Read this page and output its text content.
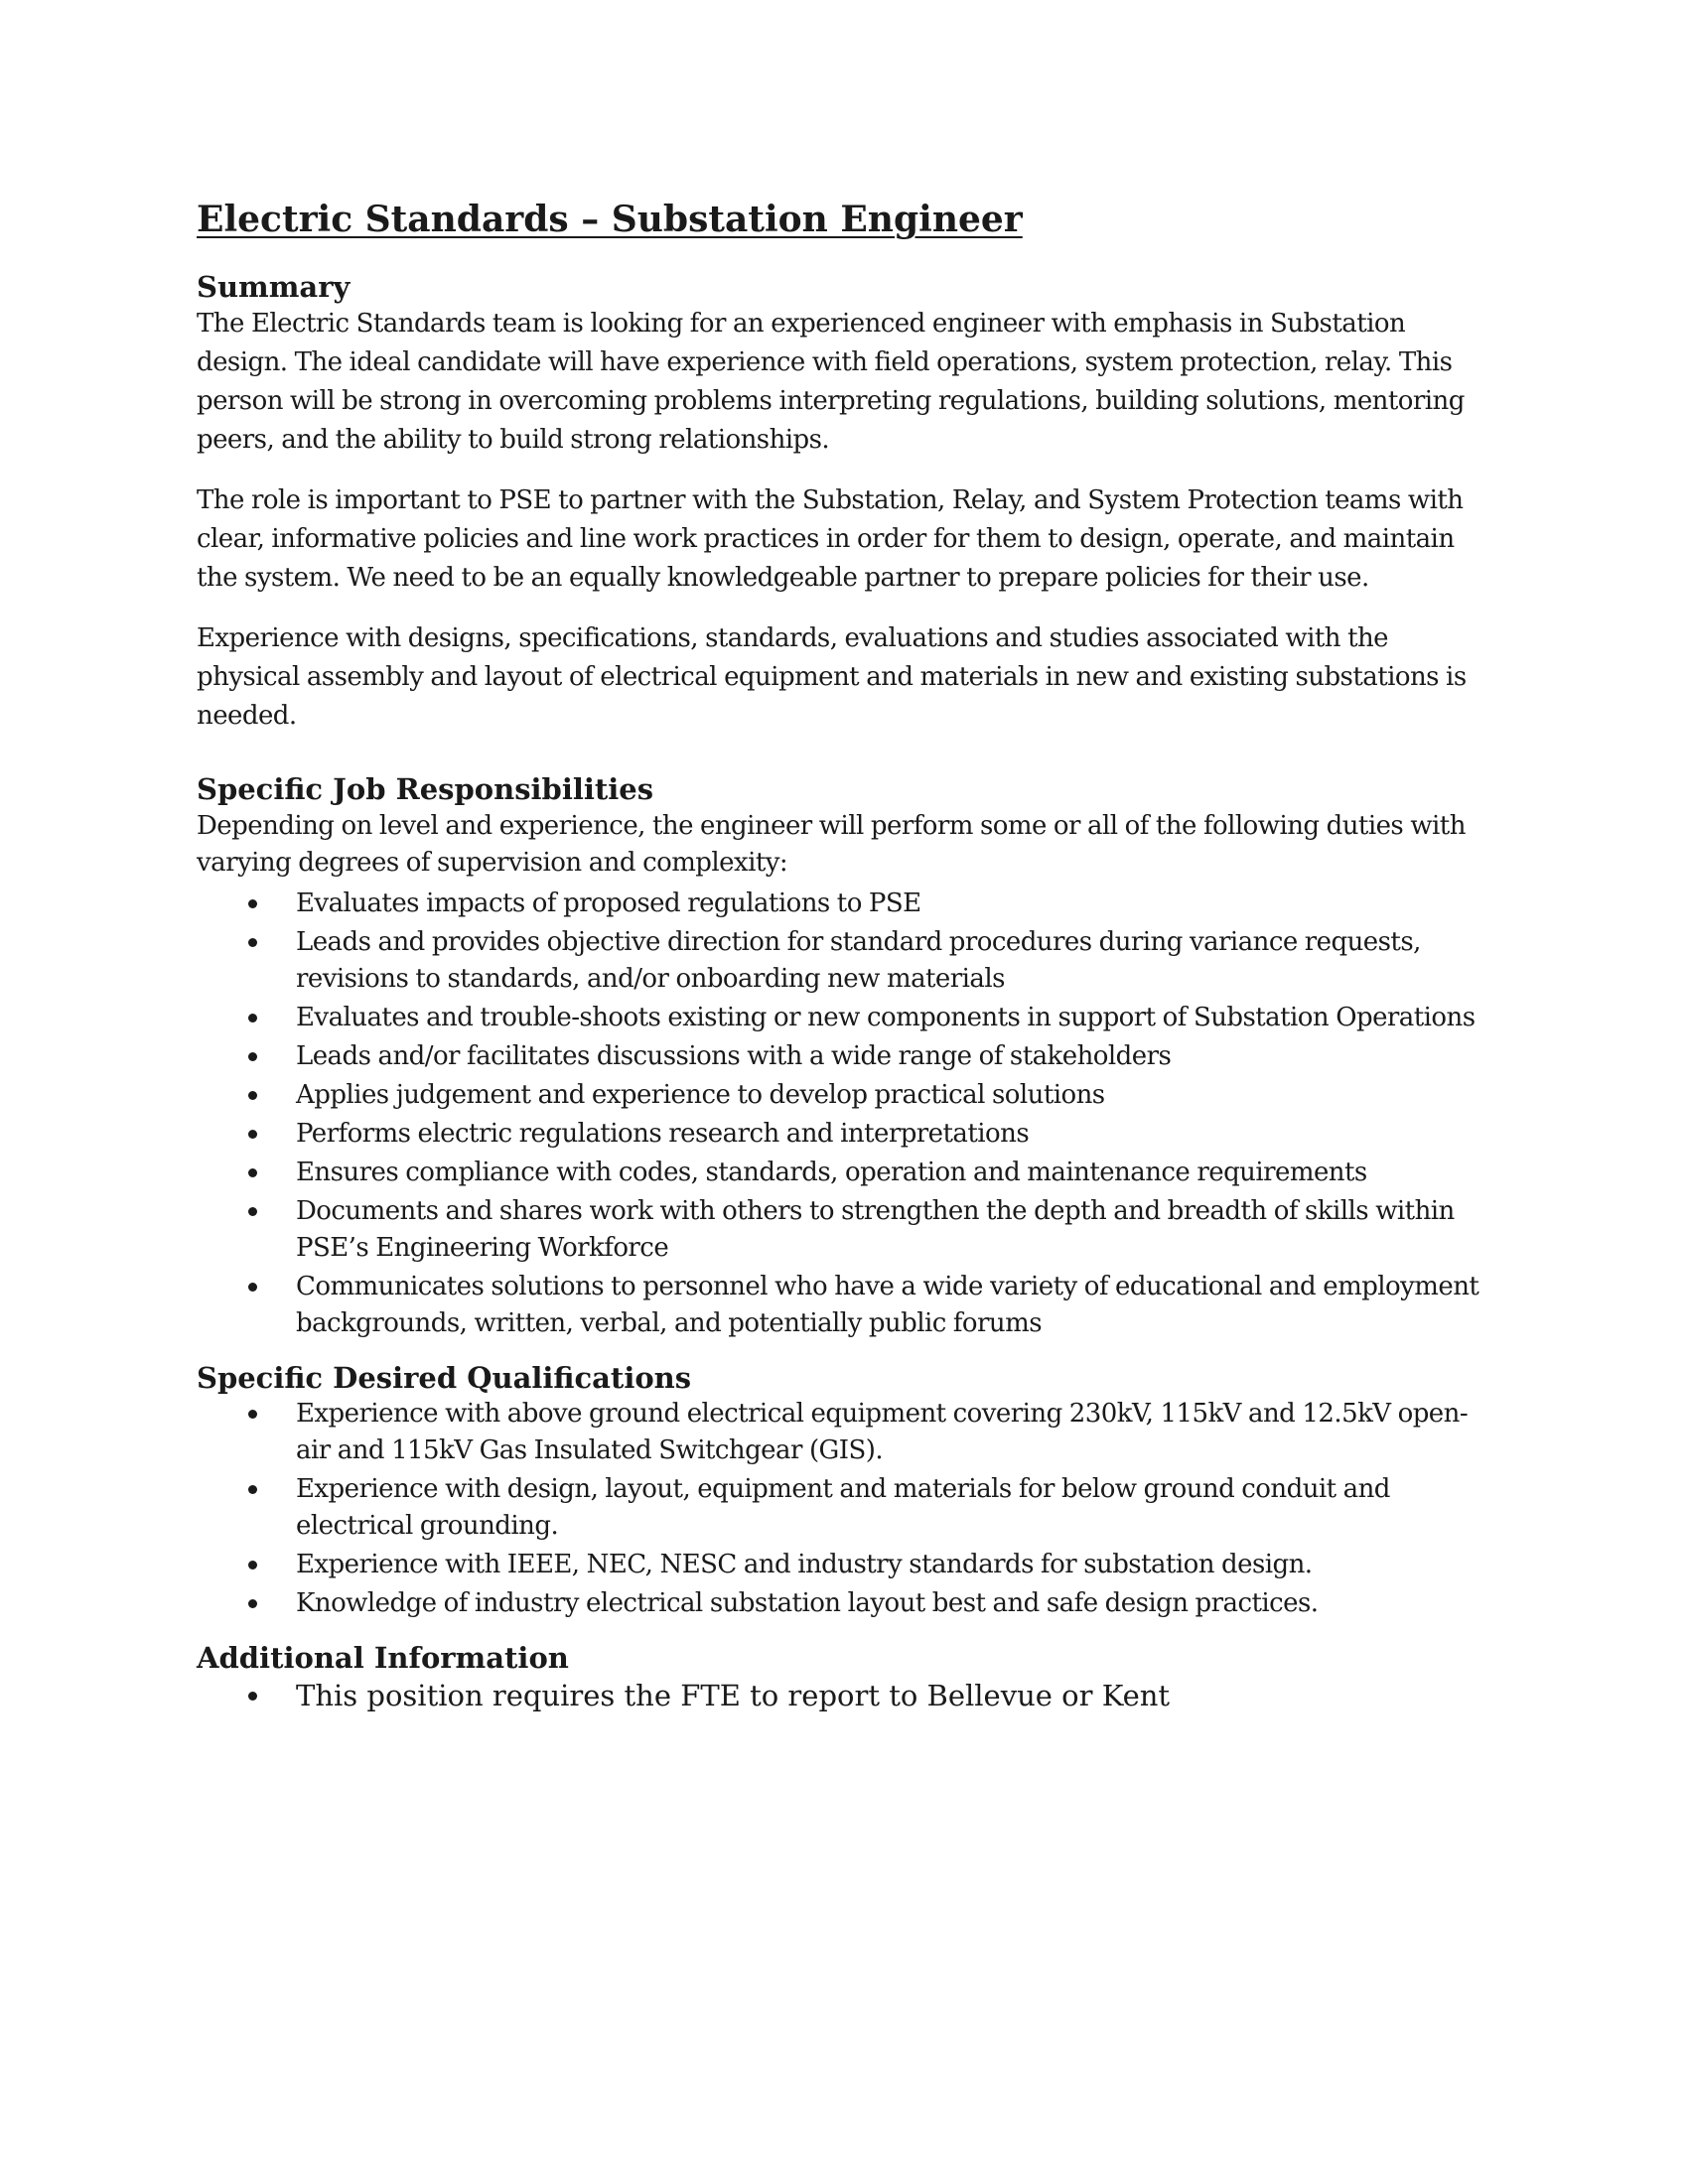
Electric Standards – Substation Engineer
Summary

The Electric Standards team is looking for an experienced engineer with emphasis in Substation design. The ideal candidate will have experience with field operations, system protection, relay. This person will be strong in overcoming problems interpreting regulations, building solutions, mentoring peers, and the ability to build strong relationships.

The role is important to PSE to partner with the Substation, Relay, and System Protection teams with clear, informative policies and line work practices in order for them to design, operate, and maintain the system. We need to be an equally knowledgeable partner to prepare policies for their use.

Experience with designs, specifications, standards, evaluations and studies associated with the physical assembly and layout of electrical equipment and materials in new and existing substations is needed.

Specific Job Responsibilities

Depending on level and experience, the engineer will perform some or all of the following duties with varying degrees of supervision and complexity:

Evaluates impacts of proposed regulations to PSE
Leads and provides objective direction for standard procedures during variance requests, revisions to standards, and/or onboarding new materials
Evaluates and trouble-shoots existing or new components in support of Substation Operations
Leads and/or facilitates discussions with a wide range of stakeholders
Applies judgement and experience to develop practical solutions
Performs electric regulations research and interpretations
Ensures compliance with codes, standards, operation and maintenance requirements
Documents and shares work with others to strengthen the depth and breadth of skills within PSE’s Engineering Workforce
Communicates solutions to personnel who have a wide variety of educational and employment backgrounds, written, verbal, and potentially public forums
Specific Desired Qualifications
Experience with above ground electrical equipment covering 230kV, 115kV and 12.5kV open-air and 115kV Gas Insulated Switchgear (GIS).
Experience with design, layout, equipment and materials for below ground conduit and electrical grounding.
Experience with IEEE, NEC, NESC and industry standards for substation design.
Knowledge of industry electrical substation layout best and safe design practices.
Additional Information
This position requires the FTE to report to Bellevue or Kent
